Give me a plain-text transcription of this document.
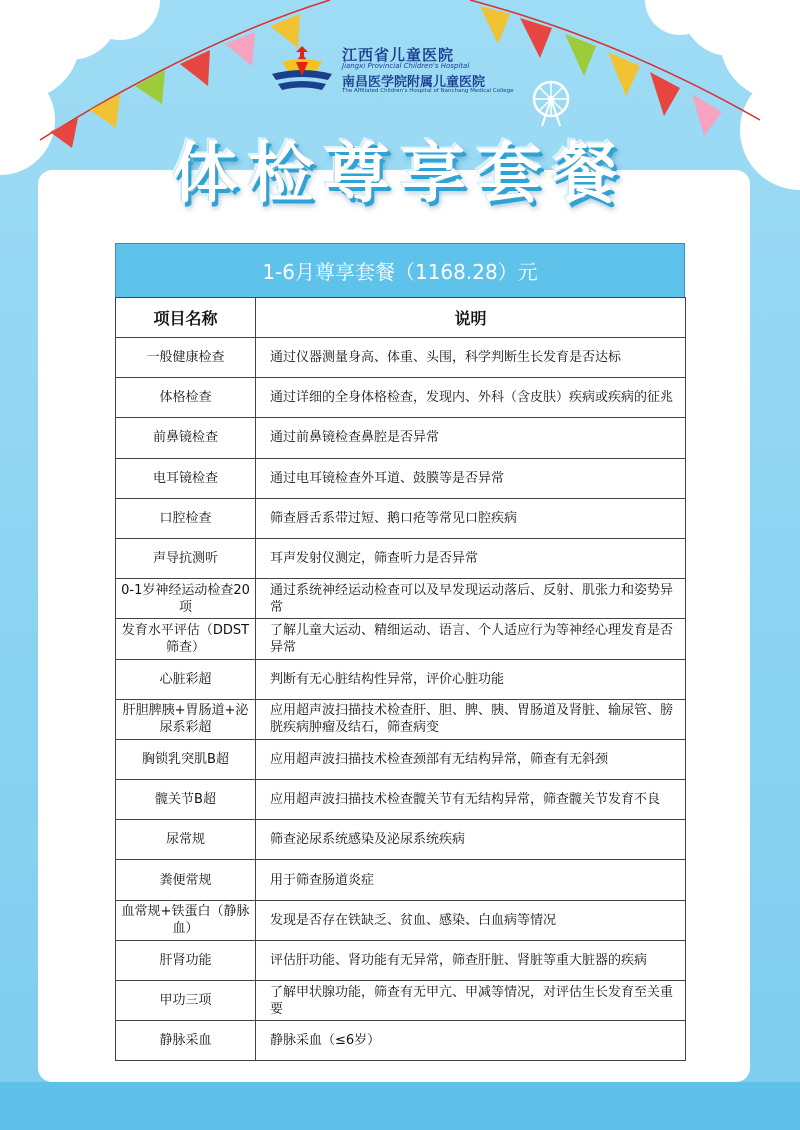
江西省儿童医院
Jiangxi Provincial Children's Hospital
南昌医学院附属儿童医院
The Affiliated Children's Hospital of Nanchang Medical College
体检尊享套餐
1-6月尊享套餐（1168.28）元
项目名称	说明
一般健康检查	通过仪器测量身高、体重、头围，科学判断生长发育是否达标
体格检查	通过详细的全身体格检查，发现内、外科（含皮肤）疾病或疾病的征兆
前鼻镜检查	通过前鼻镜检查鼻腔是否异常
电耳镜检查	通过电耳镜检查外耳道、鼓膜等是否异常
口腔检查	筛查唇舌系带过短、鹅口疮等常见口腔疾病
声导抗测听	耳声发射仪测定，筛查听力是否异常
0-1岁神经运动检查20项	通过系统神经运动检查可以及早发现运动落后、反射、肌张力和姿势异常
发育水平评估（DDST筛查）	了解儿童大运动、精细运动、语言、个人适应行为等神经心理发育是否异常
心脏彩超	判断有无心脏结构性异常，评价心脏功能
肝胆脾胰+胃肠道+泌尿系彩超	应用超声波扫描技术检查肝、胆、脾、胰、胃肠道及肾脏、输尿管、膀胱疾病肿瘤及结石，筛查病变
胸锁乳突肌B超	应用超声波扫描技术检查颈部有无结构异常，筛查有无斜颈
髋关节B超	应用超声波扫描技术检查髋关节有无结构异常，筛查髋关节发育不良
尿常规	筛查泌尿系统感染及泌尿系统疾病
粪便常规	用于筛查肠道炎症
血常规+铁蛋白（静脉血）	发现是否存在铁缺乏、贫血、感染、白血病等情况
肝肾功能	评估肝功能、肾功能有无异常，筛查肝脏、肾脏等重大脏器的疾病
甲功三项	了解甲状腺功能，筛查有无甲亢、甲减等情况，对评估生长发育至关重要
静脉采血	静脉采血（≤6岁）
